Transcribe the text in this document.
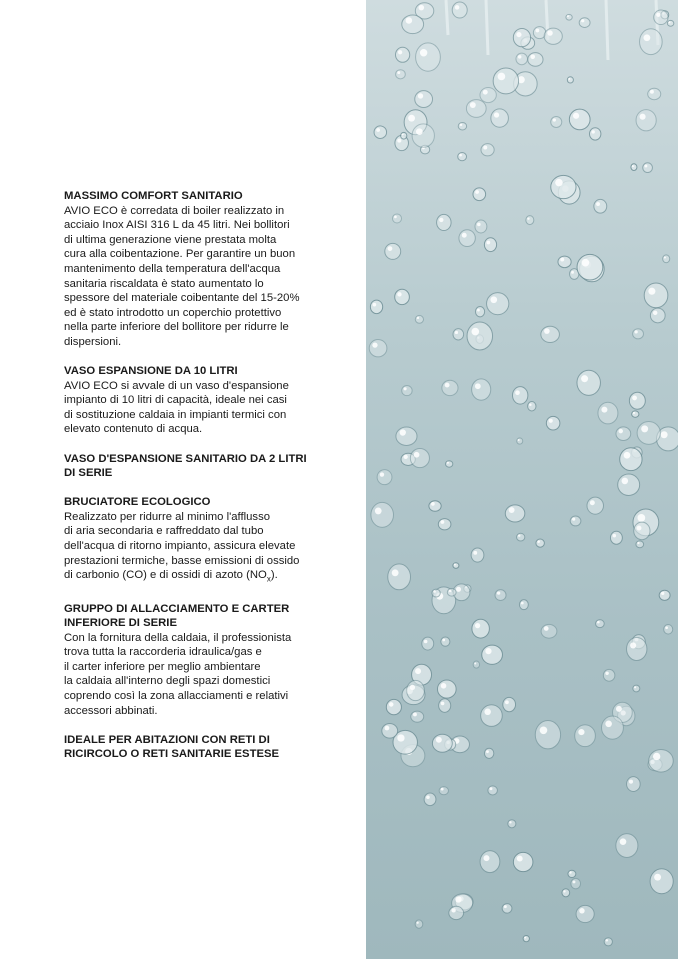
MASSIMO COMFORT SANITARIO
AVIO ECO è corredata di boiler realizzato in
acciaio Inox AISI 316 L da 45 litri. Nei bollitori
di ultima generazione viene prestata molta
cura alla coibentazione. Per garantire un buon
mantenimento della temperatura dell'acqua
sanitaria riscaldata è stato aumentato lo
spessore del materiale coibentante del 15-20%
ed è stato introdotto un coperchio protettivo
nella parte inferiore del bollitore per ridurre le
dispersioni.
VASO ESPANSIONE DA 10 LITRI
AVIO ECO si avvale di un vaso d'espansione
impianto di 10 litri di capacità, ideale nei casi
di sostituzione caldaia in impianti termici con
elevato contenuto di acqua.
VASO D'ESPANSIONE SANITARIO DA 2 LITRI
DI SERIE
BRUCIATORE ECOLOGICO
Realizzato per ridurre al minimo l'afflusso
di aria secondaria e raffreddato dal tubo
dell'acqua di ritorno impianto, assicura elevate
prestazioni termiche, basse emissioni di ossido
di carbonio (CO) e di ossidi di azoto $(NO_x)$.
GRUPPO DI ALLACCIAMENTO E CARTER
INFERIORE DI SERIE
Con la fornitura della caldaia, il professionista
trova tutta la raccorderia idraulica/gas e
il carter inferiore per meglio ambientare
la caldaia all'interno degli spazi domestici
coprendo così la zona allacciamenti e relativi
accessori abbinati.
IDEALE PER ABITAZIONI CON RETI DI
RICIRCOLO O RETI SANITARIE ESTESE
